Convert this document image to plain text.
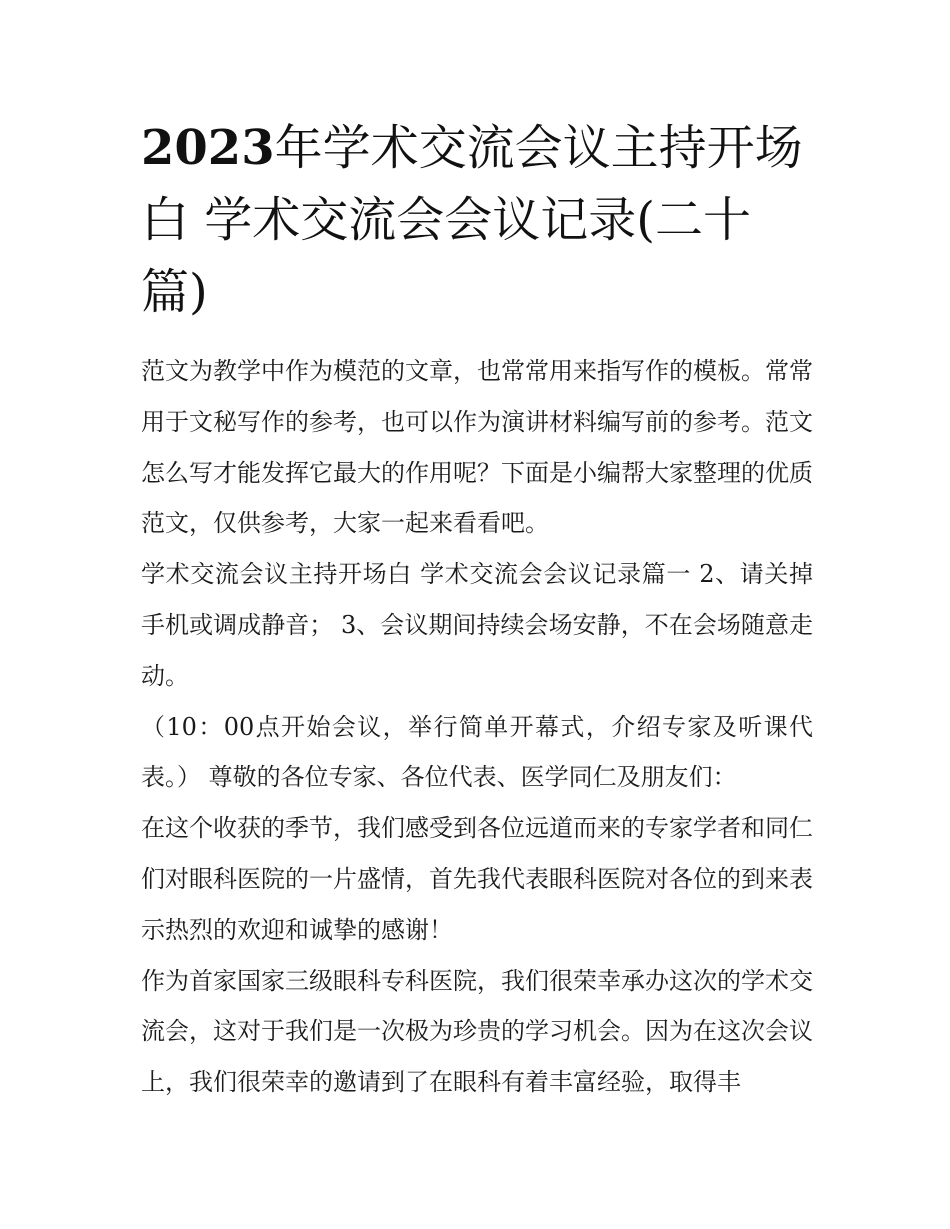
2023年学术交流会议主持开场白 学术交流会会议记录(二十篇)

范文为教学中作为模范的文章，也常常用来指写作的模板。常常用于文秘写作的参考，也可以作为演讲材料编写前的参考。范文怎么写才能发挥它最大的作用呢？下面是小编帮大家整理的优质范文，仅供参考，大家一起来看看吧。

学术交流会议主持开场白 学术交流会会议记录篇一 2、请关掉手机或调成静音； 3、会议期间持续会场安静，不在会场随意走动。

（10：00点开始会议，举行简单开幕式，介绍专家及听课代表。） 尊敬的各位专家、各位代表、医学同仁及朋友们：

在这个收获的季节，我们感受到各位远道而来的专家学者和同仁们对眼科医院的一片盛情，首先我代表眼科医院对各位的到来表示热烈的欢迎和诚挚的感谢！

作为首家国家三级眼科专科医院，我们很荣幸承办这次的学术交流会，这对于我们是一次极为珍贵的学习机会。因为在这次会议上，我们很荣幸的邀请到了在眼科有着丰富经验，取得丰
